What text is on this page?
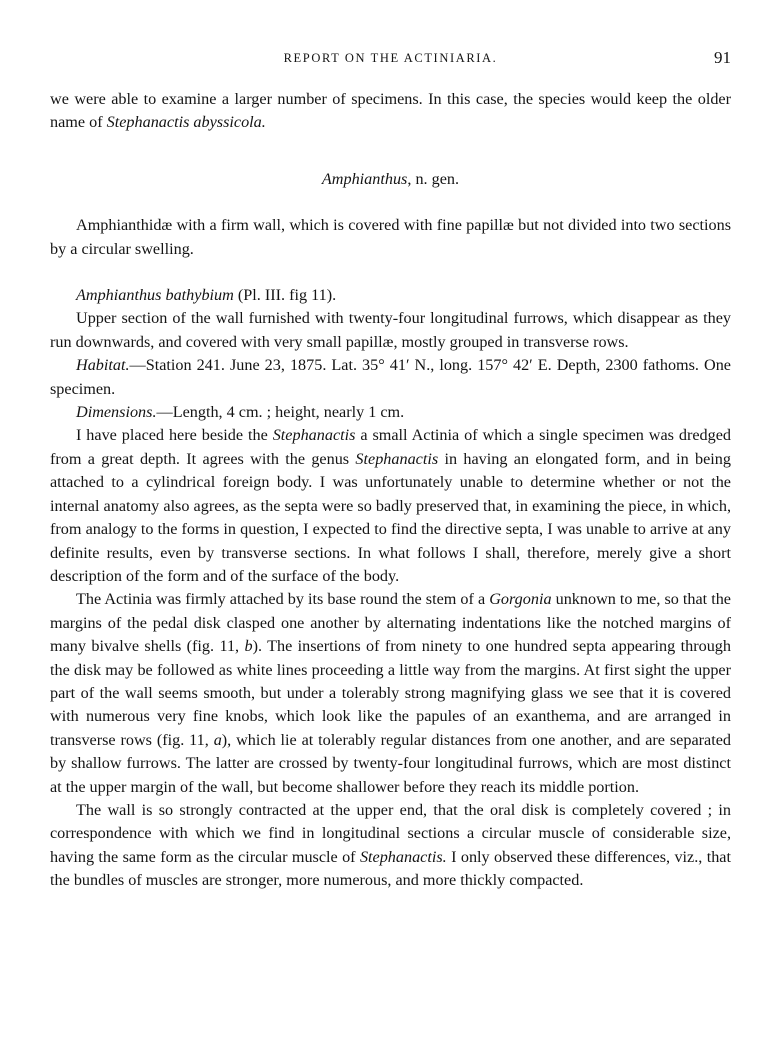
REPORT ON THE ACTINIARIA.	91

we were able to examine a larger number of specimens. In this case, the species would keep the older name of Stephanactis abyssicola.

Amphianthus, n. gen.

Amphianthidæ with a firm wall, which is covered with fine papillæ but not divided into two sections by a circular swelling.

Amphianthus bathybium (Pl. III. fig 11).

Upper section of the wall furnished with twenty-four longitudinal furrows, which disappear as they run downwards, and covered with very small papillæ, mostly grouped in transverse rows.

Habitat.—Station 241. June 23, 1875. Lat. 35° 41′ N., long. 157° 42′ E. Depth, 2300 fathoms. One specimen.

Dimensions.—Length, 4 cm. ; height, nearly 1 cm.

I have placed here beside the Stephanactis a small Actinia of which a single specimen was dredged from a great depth. It agrees with the genus Stephanactis in having an elongated form, and in being attached to a cylindrical foreign body. I was unfortunately unable to determine whether or not the internal anatomy also agrees, as the septa were so badly preserved that, in examining the piece, in which, from analogy to the forms in question, I expected to find the directive septa, I was unable to arrive at any definite results, even by transverse sections. In what follows I shall, therefore, merely give a short description of the form and of the surface of the body.

The Actinia was firmly attached by its base round the stem of a Gorgonia unknown to me, so that the margins of the pedal disk clasped one another by alternating indentations like the notched margins of many bivalve shells (fig. 11, b). The insertions of from ninety to one hundred septa appearing through the disk may be followed as white lines proceeding a little way from the margins. At first sight the upper part of the wall seems smooth, but under a tolerably strong magnifying glass we see that it is covered with numerous very fine knobs, which look like the papules of an exanthema, and are arranged in transverse rows (fig. 11, a), which lie at tolerably regular distances from one another, and are separated by shallow furrows. The latter are crossed by twenty-four longitudinal furrows, which are most distinct at the upper margin of the wall, but become shallower before they reach its middle portion.

The wall is so strongly contracted at the upper end, that the oral disk is completely covered ; in correspondence with which we find in longitudinal sections a circular muscle of considerable size, having the same form as the circular muscle of Stephanactis. I only observed these differences, viz., that the bundles of muscles are stronger, more numerous, and more thickly compacted.
